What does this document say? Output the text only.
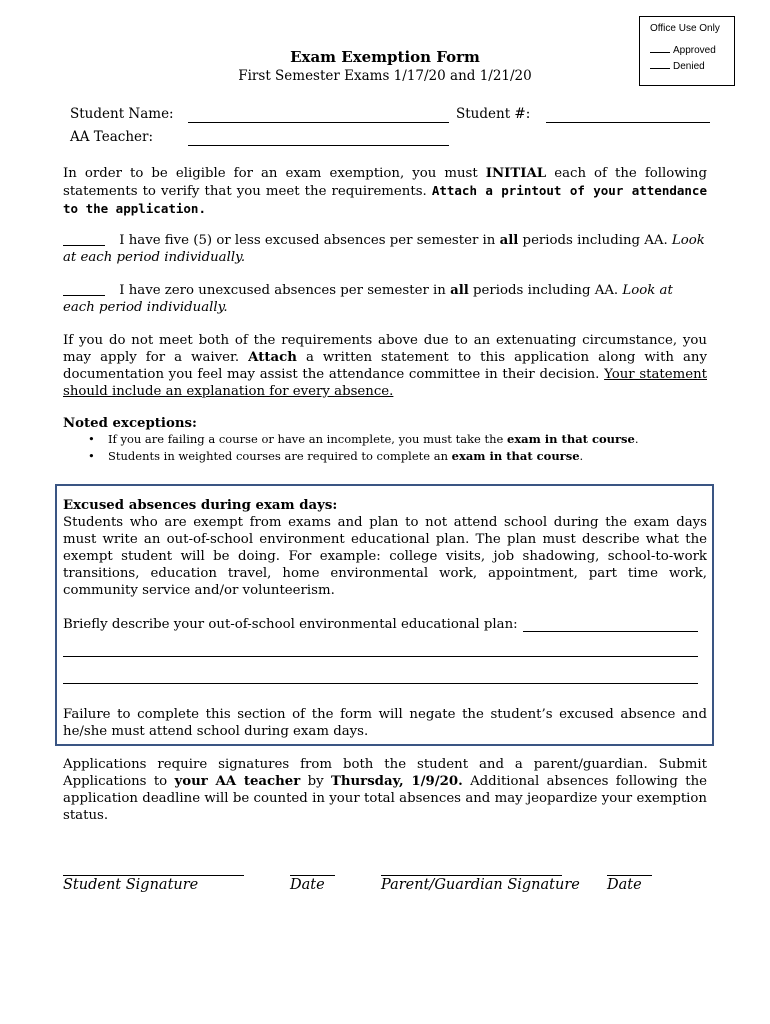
Office Use Only
Approved
Denied
Exam Exemption Form
First Semester Exams 1/17/20 and 1/21/20
Student Name:	Student #:
AA Teacher:
In order to be eligible for an exam exemption, you must INITIAL each of the following statements to verify that you meet the requirements. Attach a printout of your attendance to the application.
I have five (5) or less excused absences per semester in all periods including AA. Look at each period individually.
I have zero unexcused absences per semester in all periods including AA. Look at each period individually.
If you do not meet both of the requirements above due to an extenuating circumstance, you may apply for a waiver. Attach a written statement to this application along with any documentation you feel may assist the attendance committee in their decision. Your statement should include an explanation for every absence.
Noted exceptions:
• If you are failing a course or have an incomplete, you must take the exam in that course.
• Students in weighted courses are required to complete an exam in that course.
Excused absences during exam days:
Students who are exempt from exams and plan to not attend school during the exam days must write an out-of-school environment educational plan. The plan must describe what the exempt student will be doing. For example: college visits, job shadowing, school-to-work transitions, education travel, home environmental work, appointment, part time work, community service and/or volunteerism.
Briefly describe your out-of-school environmental educational plan:
Failure to complete this section of the form will negate the student’s excused absence and he/she must attend school during exam days.
Applications require signatures from both the student and a parent/guardian. Submit Applications to your AA teacher by Thursday, 1/9/20. Additional absences following the application deadline will be counted in your total absences and may jeopardize your exemption status.
Student Signature	Date	Parent/Guardian Signature Date
